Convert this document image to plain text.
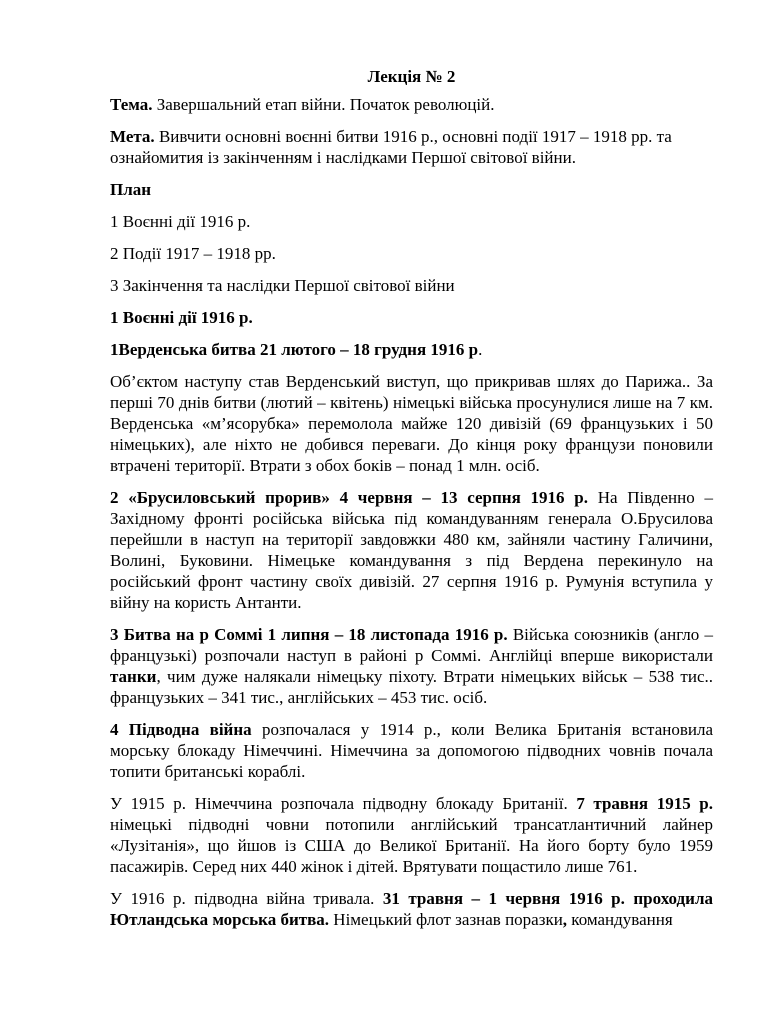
Лекція № 2

Тема. Завершальний етап війни. Початок революцій.

Мета. Вивчити основні воєнні битви 1916 р., основні події 1917 – 1918 рр. та ознайомития із закінченням і наслідками Першої світової війни.

План

1 Воєнні дії 1916 р.

2 Події 1917 – 1918 рр.

3 Закінчення та наслідки Першої світової війни

1 Воєнні дії 1916 р.

1Верденська битва 21 лютого – 18 грудня 1916 р.

Об’єктом наступу став Верденський виступ, що прикривав шлях до Парижа.. За перші 70 днів битви (лютий – квітень) німецькі війська просунулися лише на 7 км. Верденська «м’ясорубка» перемолола майже 120 дивізій (69 французьких і 50 німецьких), але ніхто не добився переваги. До кінця року французи поновили втрачені території. Втрати з обох боків – понад 1 млн. осіб.

2 «Брусиловський прорив» 4 червня – 13 серпня 1916 р. На Південно – Західному фронті російська війська під командуванням генерала О.Брусилова перейшли в наступ на території завдовжки 480 км, зайняли частину Галичини, Волині, Буковини. Німецьке командування з під Вердена перекинуло на російський фронт частину своїх дивізій. 27 серпня 1916 р. Румунія вступила у війну на користь Антанти.

3 Битва на р Соммі 1 липня – 18 листопада 1916 р. Війська союзників (англо – французькі) розпочали наступ в районі р Соммі. Англійці вперше використали танки, чим дуже налякали німецьку піхоту. Втрати німецьких військ – 538 тис.. французьких – 341 тис., англійських – 453 тис. осіб.

4 Підводна війна розпочалася у 1914 р., коли Велика Британія встановила морську блокаду Німеччині. Німеччина за допомогою підводних човнів почала топити британські кораблі.

У 1915 р. Німеччина розпочала підводну блокаду Британії. 7 травня 1915 р. німецькі підводні човни потопили англійський трансатлантичний лайнер «Лузітанія», що йшов із США до Великої Британії. На його борту було 1959 пасажирів. Серед них 440 жінок і дітей. Врятувати пощастило лише 761.

У 1916 р. підводна війна тривала. 31 травня – 1 червня 1916 р. проходила Ютландська морська битва. Німецький флот зазнав поразки, командування
